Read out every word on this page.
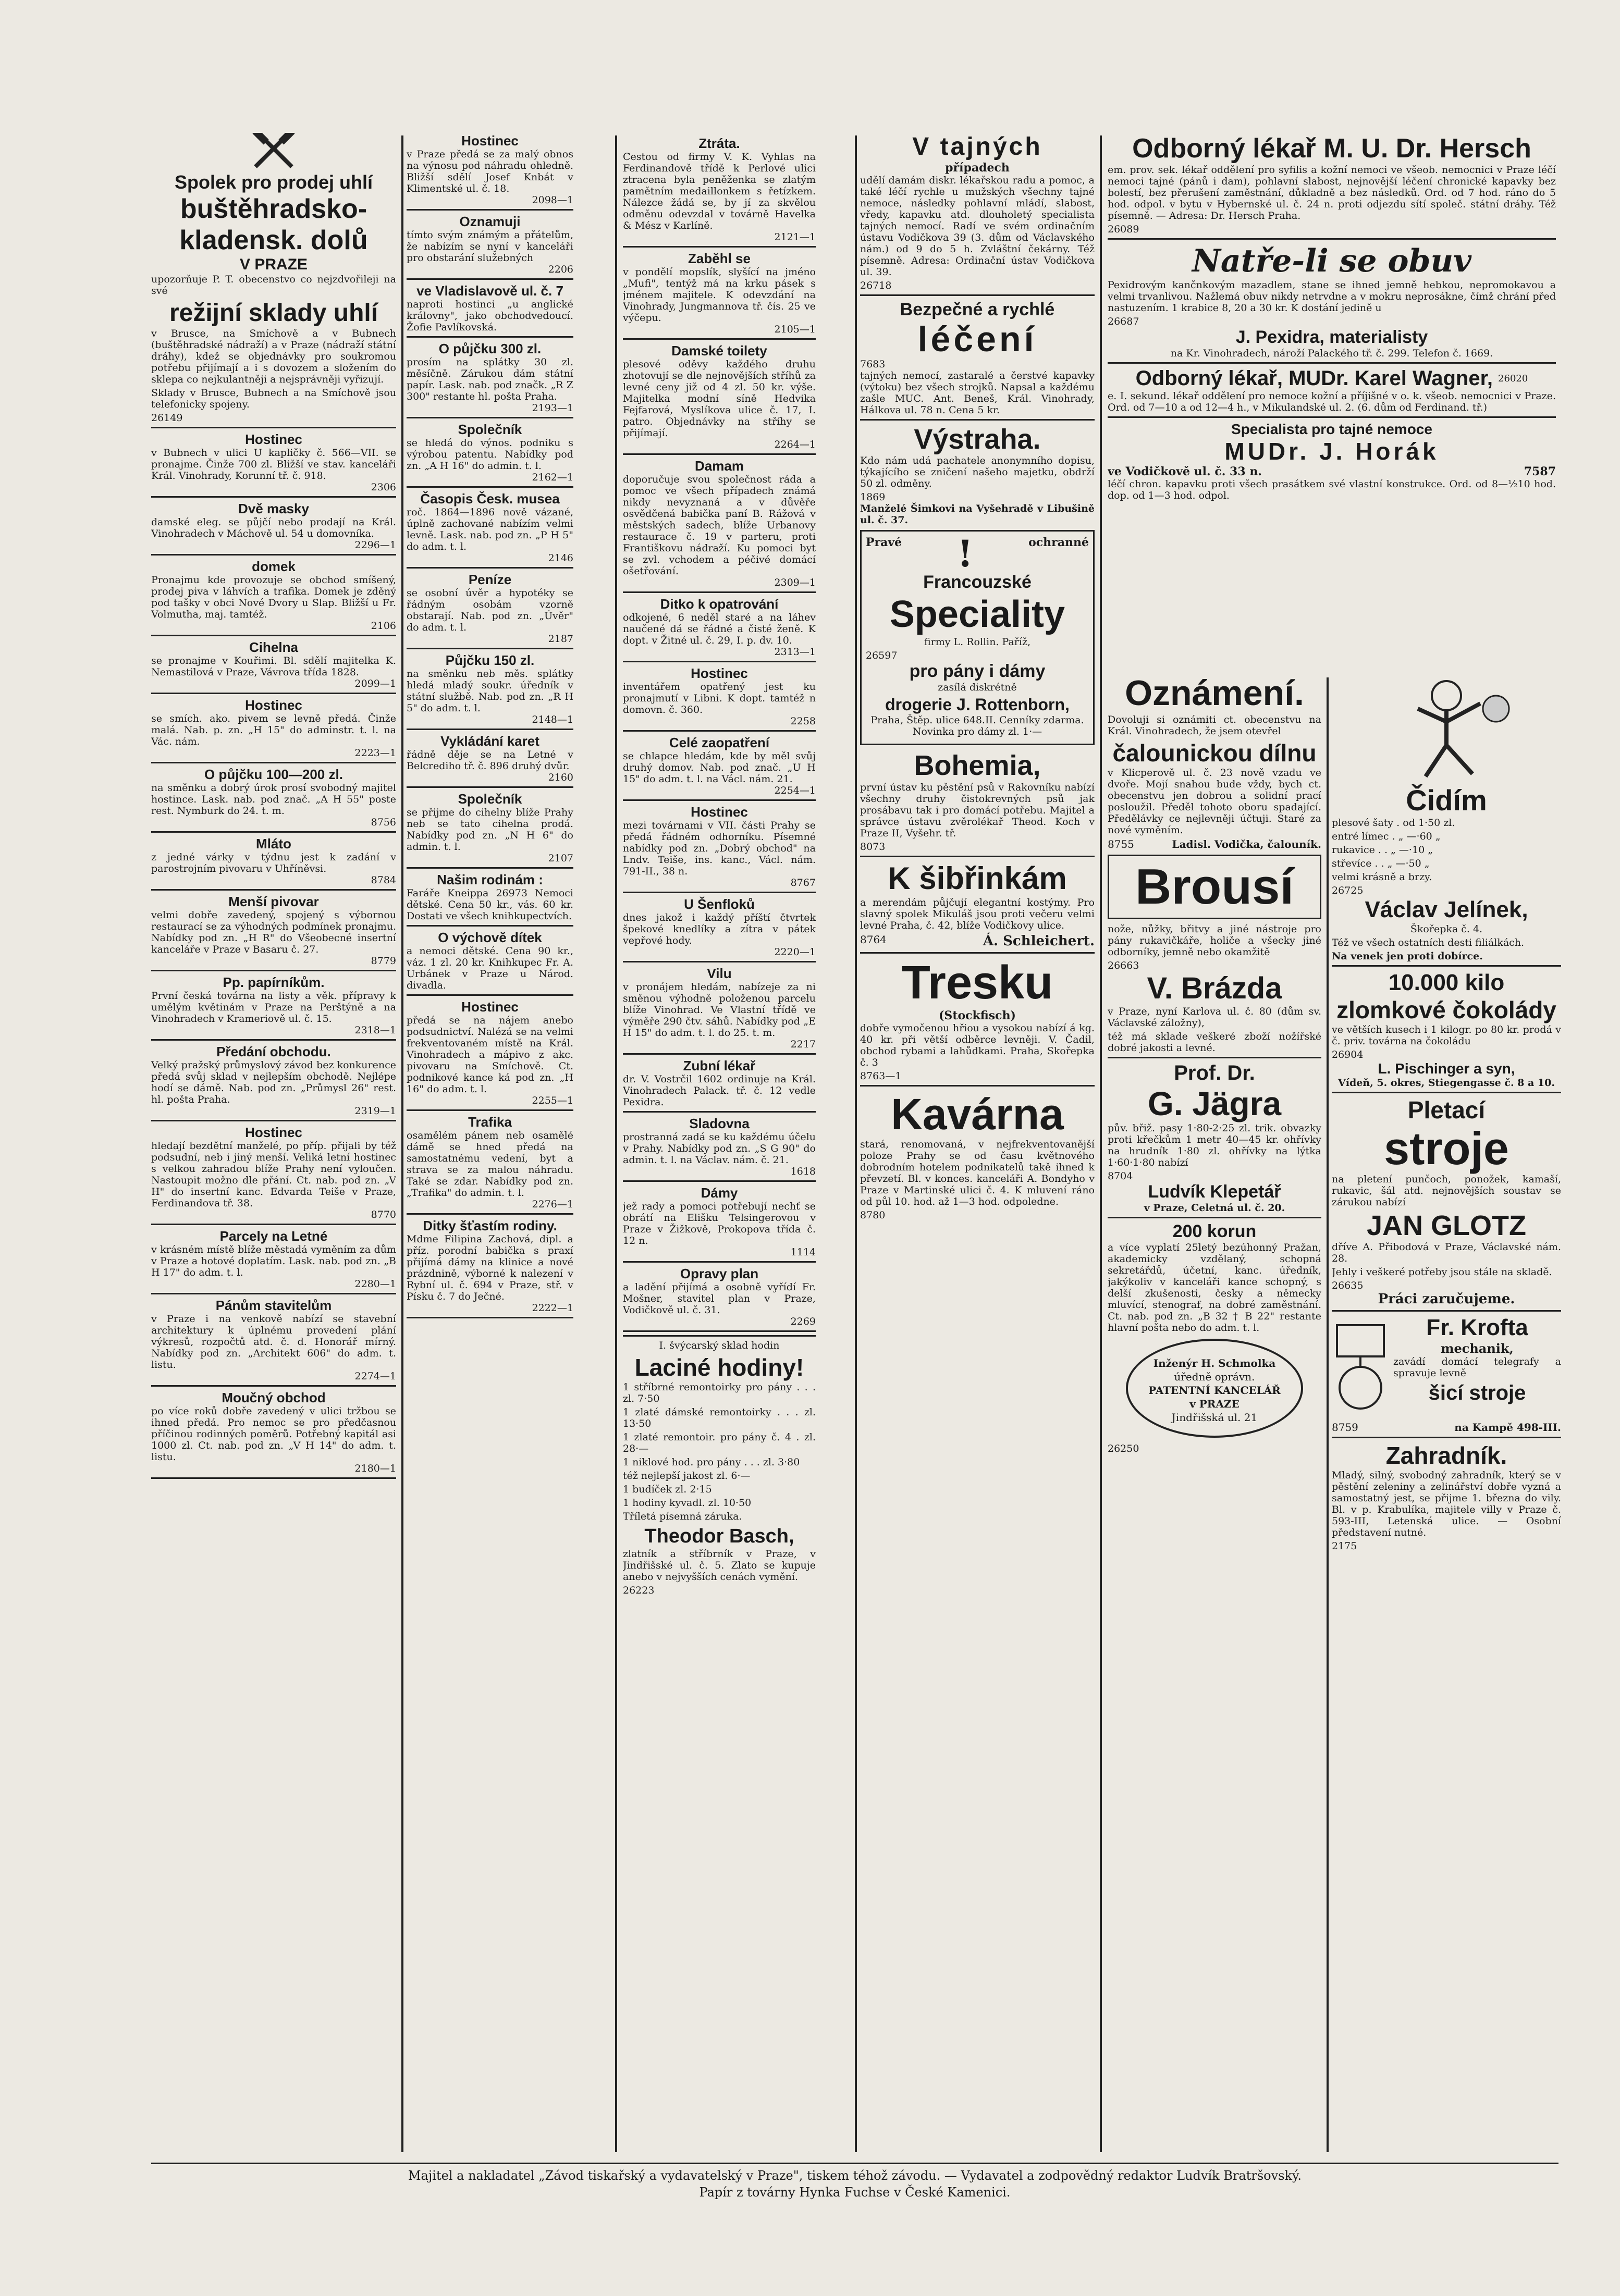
Spolek pro prodej uhlí
buštěhradsko-kladensk. dolů
V PRAZE
upozorňuje P. T. obecenstvo co nejzdvořileji na své
režijní sklady uhlí
v Brusce, na Smíchově a v Bubnech (buštěhradské nádraží) a v Praze (nádraží státní dráhy), kdež se objednávky pro soukromou potřebu přijímají a i s dovozem a složením do sklepa co nejkulantněji a nejsprávněji vyřizují.
Sklady v Brusce, Bubnech a na Smíchově jsou telefonicky spojeny.
26149
Hostinec
v Bubnech v ulici U kapličky č. 566—VII. se pronajme. Činže 700 zl. Bližší ve stav. kanceláři Král. Vinohrady, Korunní tř. č. 918.
2306
Dvě masky
damské eleg. se půjčí nebo prodají na Král. Vinohradech v Máchově ul. 54 u domovníka.
2296—1
domek
Pronajmu kde provozuje se obchod smíšený, prodej piva v láhvích a trafika. Domek je zděný pod tašky v obci Nové Dvory u Slap. Bližší u Fr. Volmutha, maj. tamtéž.
2106
Cihelna
se pronajme v Kouřimi. Bl. sdělí majitelka K. Nemastilová v Praze, Vávrova třída 1828.
2099—1
Hostinec
se smích. ako. pivem se levně předá. Činže malá. Nab. p. zn. „H 15" do adminstr. t. l. na Vác. nám.
2223—1
O půjčku 100—200 zl.
na směnku a dobrý úrok prosí svobodný majitel hostince. Lask. nab. pod znač. „A H 55" poste rest. Nymburk do 24. t. m.
8756
Mláto
z jedné várky v týdnu jest k zadání v parostrojním pivovaru v Uhříněvsi.
8784
Menší pivovar
velmi dobře zavedený, spojený s výbornou restaurací se za výhodných podmínek pronajmu. Nabídky pod zn. „H R" do Všeobecné insertní kanceláře v Praze v Basaru č. 27.
8779
Pp. papírníkům.
První česká továrna na listy a věk. přípravy k umělým květinám v Praze na Perštýně a na Vinohradech v Krameriově ul. č. 15.
2318—1
Předání obchodu.
Velký pražský průmyslový závod bez konkurence předá svůj sklad v nejlepším obchodě. Nejlépe hodí se dámě. Nab. pod zn. „Průmysl 26" rest. hl. pošta Praha.
2319—1
Hostinec
hledají bezdětní manželé, po příp. přijali by též podsudní, neb i jiný menší. Veliká letní hostinec s velkou zahradou blíže Prahy není vyloučen. Nastoupit možno dle přání. Ct. nab. pod zn. „V H" do insertní kanc. Edvarda Teiše v Praze, Ferdinandova tř. 38.
8770
Parcely na Letné
v krásném místě blíže městadá vyměním za dům v Praze a hotové doplatím. Lask. nab. pod zn. „B H 17" do adm. t. l.
2280—1
Pánům stavitelům
v Praze i na venkově nabízí se stavební architektury k úplnému provedení plání výkresů, rozpočtů atd. č. d. Honorář mírný. Nabídky pod zn. „Architekt 606" do adm. t. listu.
2274—1
Moučný obchod
po více roků dobře zavedený v ulici tržbou se ihned předá. Pro nemoc se pro předčasnou příčinou rodinných poměrů. Potřebný kapitál asi 1000 zl. Ct. nab. pod zn. „V H 14" do adm. t. listu.
2180—1
Hostinec
v Praze předá se za malý obnos na výnosu pod náhradu ohledně. Bližší sdělí Josef Knbát v Klimentské ul. č. 18.
2098—1
Oznamuji
tímto svým známým a přátelům, že nabízím se nyní v kanceláři pro obstarání služebných
2206
ve Vladislavově ul. č. 7
naproti hostinci „u anglické královny", jako obchodvedoucí. Žofie Pavlíkovská.
O půjčku 300 zl.
prosím na splátky 30 zl. měsíčně. Zárukou dám státní papír. Lask. nab. pod značk. „R Z 300" restante hl. pošta Praha.
2193—1
Společník
se hledá do výnos. podniku s výrobou patentu. Nabídky pod zn. „A H 16" do admin. t. l.
2162—1
Časopis Česk. musea
roč. 1864—1896 nově vázané, úplně zachované nabízím velmi levně. Lask. nab. pod zn. „P H 5" do adm. t. l.
2146
Peníze
se osobní úvěr a hypotéky se řádným osobám vzorně obstarají. Nab. pod zn. „Úvěr" do adm. t. l.
2187
Půjčku 150 zl.
na směnku neb měs. splátky hledá mladý soukr. úředník v státní službě. Nab. pod zn. „R H 5" do adm. t. l.
2148—1
Vykládání karet
řádně děje se na Letné v Belcrediho tř. č. 896 druhý dvůr.
2160
Společník
se přijme do cihelny blíže Prahy neb se tato cihelna prodá. Nabídky pod zn. „N H 6" do admin. t. l.
2107
Našim rodinám :
Faráře Kneippa 26973 Nemoci dětské. Cena 50 kr., vás. 60 kr. Dostati ve všech knihkupectvích.
O výchově dítek
a nemoci dětské. Cena 90 kr., váz. 1 zl. 20 kr. Knihkupec Fr. A. Urbánek v Praze u Národ. divadla.
Hostinec
předá se na nájem anebo podsudnictví. Nalézá se na velmi frekventovaném místě na Král. Vinohradech a mápivo z akc. pivovaru na Smíchově. Ct. podnikové kance ká pod zn. „H 16" do adm. t. l.
2255—1
Trafika
osamělém pánem neb osamělé dámě se hned předá na samostatnému vedení, byt a strava se za malou náhradu. Také se zdar. Nabídky pod zn. „Trafika" do admin. t. l.
2276—1
Ditky šťastím rodiny.
Mdme Filipina Zachová, dipl. a příz. porodní babička s praxí přijímá dámy na klinice a nové prázdnině, výborné k nalezení v Rybní ul. č. 694 v Praze, stř. v Písku č. 7 do Ječné.
2222—1
Ztráta.
Cestou od firmy V. K. Vyhlas na Ferdinandově třídě k Perlové ulici ztracena byla peněženka se zlatým pamětním medaillonkem s řetízkem. Nálezce žádá se, by jí za skvělou odměnu odevzdal v továrně Havelka & Mész v Karlíně.
2121—1
Zaběhl se
v pondělí mopslík, slyšící na jméno „Mufi", tentýž má na krku pásek s jménem majitele. K odevzdání na Vinohrady, Jungmannova tř. čís. 25 ve výčepu.
2105—1
Damské toilety
plesové oděvy každého druhu zhotovují se dle nejnovějších stříhů za levné ceny již od 4 zl. 50 kr. výše. Majitelka modní síně Hedvika Fejfarová, Myslíkova ulice č. 17, I. patro. Objednávky na stříhy se přijímají.
2264—1
Damam
doporučuje svou společnost ráda a pomoc ve všech případech známá nikdy nevyznaná a v důvěře osvědčená babička paní B. Rážová v městských sadech, blíže Urbanovy restaurace č. 19 v parteru, proti Františkovu nádraží. Ku pomoci byt se zvl. vchodem a péčivé domácí ošetřování.
2309—1
Ditko k opatrování
odkojené, 6 neděl staré a na láhev naučené dá se řádné a čisté ženě. K dopt. v Žitné ul. č. 29, I. p. dv. 10.
2313—1
Hostinec
inventářem opatřený jest ku pronajmutí v Libni. K dopt. tamtéž n domovn. č. 360.
2258
Celé zaopatření
se chlapce hledám, kde by měl svůj druhý domov. Nab. pod znač. „U H 15" do adm. t. l. na Václ. nám. 21.
2254—1
Hostinec
mezi továrnami v VII. části Prahy se předá řádném odhorníku. Písemné nabídky pod zn. „Dobrý obchod" na Lndv. Teiše, ins. kanc., Václ. nám. 791-II., 38 n.
8767
U Šenfloků
dnes jakož i každý příští čtvrtek špekové knedlíky a zítra v pátek vepřové hody.
2220—1
Vilu
v pronájem hledám, nabízeje za ni směnou výhodně položenou parcelu blíže Vinohrad. Ve Vlastní třídě ve výměře 290 čtv. sáhů. Nabídky pod „E H 15" do adm. t. l. do 25. t. m.
2217
Zubní lékař
dr. V. Vostrčil 1602 ordinuje na Král. Vinohradech Palack. tř. č. 12 vedle Pexidra.
Sladovna
prostranná zadá se ku každému účelu v Prahy. Nabídky pod zn. „S G 90" do admin. t. l. na Václav. nám. č. 21.
1618
Dámy
jež rady a pomoci potřebují nechť se obrátí na Elišku Telsingerovou v Praze v Žižkově, Prokopova třída č. 12 n.
1114
Opravy plan
a ladění přijímá a osobně vyřídí Fr. Mošner, stavitel plan v Praze, Vodičkově ul. č. 31.
2269
I. švýcarský sklad hodin
Laciné hodiny!
1 stříbrné remontoirky pro pány . . . zl. 7·50
1 zlaté dámské remontoirky . . . zl. 13·50
1 zlaté remontoir. pro pány č. 4 . zl. 28·—
1 niklové hod. pro pány . . . zl. 3·80
též nejlepší jakost zl. 6·—
1 budíček zl. 2·15
1 hodiny kyvadl. zl. 10·50
Tříletá písemná záruka.
Theodor Basch,
zlatník a stříbrník v Praze, v Jindřišské ul. č. 5. Zlato se kupuje anebo v nejvyšších cenách vymění.
26223
V tajných
případech
udělí damám diskr. lékařskou radu a pomoc, a také léčí rychle u mužských všechny tajné nemoce, následky pohlavní mládí, slabost, vředy, kapavku atd. dlouholetý specialista tajných nemocí. Radí ve svém ordinačním ústavu Vodičkova 39 (3. dům od Václavského nám.) od 9 do 5 h. Zvláštní čekárny. Též písemně. Adresa: Ordinační ústav Vodičkova ul. 39.
26718
Bezpečné a rychlé
léčení
7683
tajných nemocí, zastaralé a čerstvé kapavky (výtoku) bez všech strojků. Napsal a každému zašle MUC. Ant. Beneš, Král. Vinohrady, Hálkova ul. 78 n. Cena 5 kr.
Výstraha.
Kdo nám udá pachatele anonymního dopisu, týkajícího se zničení našeho majetku, obdrží 50 zl. odměny.
1869
Manželé Šimkovi na Vyšehradě v Libušině ul. č. 37.
Pravé !	ochranné
Francouzské
Speciality
firmy L. Rollin. Paříž,
26597
pro pány i dámy
zasílá diskrétně
drogerie J. Rottenborn,
Praha, Štěp. ulice 648.II. Cenníky zdarma. Novinka pro dámy zl. 1·—
Bohemia,
první ústav ku pěstění psů v Rakovníku nabízí všechny druhy čistokrevných psů jak prosábavu tak i pro domácí potřebu. Majitel a správce ústavu zvěrolékař Theod. Koch v Praze II, Vyšehr. tř.
8073
K šibřinkám
a merendám půjčují elegantní kostýmy. Pro slavný spolek Mikuláš jsou proti večeru velmi levné Praha, č. 42, blíže Vodičkovy ulice.
8764	Á. Schleichert.
Tresku
(Stockfisch)
dobře vymočenou hřiou a vysokou nabízí á kg. 40 kr. při větší odběrce levněji. V. Čadil, obchod rybami a lahůdkami. Praha, Skořepka č. 3
8763—1
Kavárna
stará, renomovaná, v nejfrekventovanější poloze Prahy se od času květnového dobrodním hotelem podnikatelů takě ihned k převzetí. Bl. v konces. kanceláři A. Bondyho v Praze v Martinské ulici č. 4. K mluvení ráno od půl 10. hod. až 1—3 hod. odpoledne.
8780
Odborný lékař M. U. Dr. Hersch
em. prov. sek. lékař oddělení pro syfilis a kožní nemoci ve všeob. nemocnici v Praze léčí nemoci tajné (pánů i dam), pohlavní slabost, nejnovější léčení chronické kapavky bez bolestí, bez přerušení zaměstnání, důkladně a bez následků. Ord. od 7 hod. ráno do 5 hod. odpol. v bytu v Hybernské ul. č. 24 n. proti odjezdu sítí společ. státní dráhy. Též písemně. — Adresa: Dr. Hersch Praha.
26089
Natře-li se obuv
Pexidrovým kančnkovým mazadlem, stane se ihned jemně hebkou, nepromokavou a velmi trvanlivou. Nažlemá obuv nikdy netrvdne a v mokru neprosákne, čímž chrání před nastuzením. 1 krabice 8, 20 a 30 kr. K dostání jedině u
26687
J. Pexidra, materialisty
na Kr. Vinohradech, nároží Palackého tř. č. 299. Telefon č. 1669.
Odborný lékař, MUDr. Karel Wagner, 26020
e. I. sekund. lékař oddělení pro nemoce kožní a příjišné v o. k. všeob. nemocnici v Praze. Ord. od 7—10 a od 12—4 h., v Mikulandské ul. 2. (6. dům od Ferdinand. tř.)
Specialista pro tajné nemoce
MUDr. J. Horák
ve Vodičkově ul. č. 33 n.	7587
léčí chron. kapavku proti všech prasátkem své vlastní konstrukce. Ord. od 8—½10 hod. dop. od 1—3 hod. odpol.
Oznámení.
Dovoluji si oznámiti ct. obecenstvu na Král. Vinohradech, že jsem otevřel
čalounickou dílnu
v Klicperově ul. č. 23 nově vzadu ve dvoře. Mojí snahou bude vždy, bych ct. obecenstvu jen dobrou a solidní prací posloužil. Předěl tohoto oboru spadající. Předělávky ce nejlevněji účtuji. Staré za nové vyměním.
8755	Ladisl. Vodička, čalouník.
Brousí
nože, nůžky, břitvy a jiné nástroje pro pány rukavičkáře, holiče a všecky jiné odborníky, jemně nebo okamžitě
26663
V. Brázda
v Praze, nyní Karlova ul. č. 80 (dům sv. Václavské záložny),
též má sklade veškeré zboží nožířské dobré jakosti a levné.
Prof. Dr.
G. Jägra
pův. břiž. pasy 1·80-2·25 zl. trik. obvazky proti křečkům 1 metr 40—45 kr. ohřívky na hrudník 1·80 zl. ohřívky na lýtka 1·60·1·80 nabízí
8704
Ludvík Klepetář
v Praze, Celetná ul. č. 20.
200 korun
a více vyplatí 25letý bezúhonný Pražan, akademicky vzdělaný, schopná sekretářdů, účetní, kanc. úředník, jakýkoliv v kanceláři kance schopný, s delší zkušenosti, česky a německy mluvící, stenograf, na dobré zaměstnání. Ct. nab. pod zn. „B 32 † B 22" restante hlavní pošta nebo do adm. t. l.
Inženýr H. Schmolka
úředně oprávn.
PATENTNÍ KANCELÁŘ
v PRAZE
Jindřišská ul. 21
26250
Čidím
plesové šaty . od 1·50 zl.
entré límec . „ —·60 „
rukavice . . „ —·10 „
střevíce . . „ —·50 „
velmi krásně a brzy.
26725
Václav Jelínek,
Škořepka č. 4.
Též ve všech ostatních desti filiálkách.
Na venek jen proti dobírce.
10.000 kilo
zlomkové čokolády
ve větších kusech i 1 kilogr. po 80 kr. prodá v č. priv. továrna na čokoládu
26904
L. Pischinger a syn,
Vídeň, 5. okres, Stiegengasse č. 8 a 10.
Pletací
stroje
na pletení punčoch, ponožek, kamaší, rukavic, šál atd. nejnovějších soustav se zárukou nabízí
JAN GLOTZ
dříve A. Přibodová v Praze, Václavské nám. 28.
Jehly i veškeré potřeby jsou stále na skladě.
26635
Práci zaručujeme.
Fr. Krofta
mechanik,
zavádí domácí telegrafy a spravuje levně
šicí stroje
8759	na Kampě 498-III.
Zahradník.
Mladý, silný, svobodný zahradník, který se v pěstění zeleniny a zelinářství dobře vyzná a samostatný jest, se přijme 1. března do vily. Bl. v p. Krabulíka, majitele villy v Praze č. 593-III, Letenská ulice. — Osobní představení nutné.
2175
Majitel a nakladatel „Závod tiskařský a vydavatelský v Praze", tiskem téhož závodu. — Vydavatel a zodpovědný redaktor Ludvík Bratršovský.
Papír z továrny Hynka Fuchse v České Kamenici.
